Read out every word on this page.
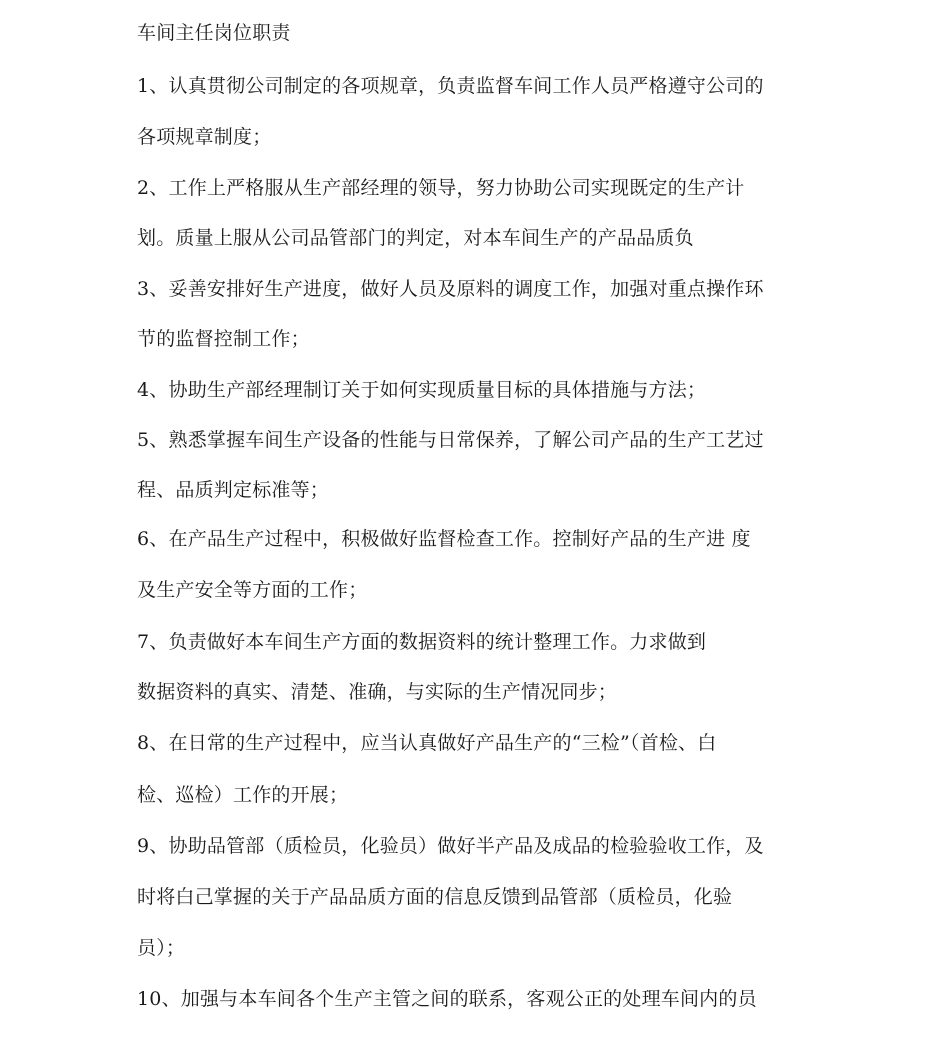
车间主任岗位职责
1、认真贯彻公司制定的各项规章，负责监督车间工作人员严格遵守公司的
各项规章制度；
2、工作上严格服从生产部经理的领导，努力协助公司实现既定的生产计
划。质量上服从公司品管部门的判定，对本车间生产的产品品质负
3、妥善安排好生产进度，做好人员及原料的调度工作，加强对重点操作环
节的监督控制工作；
4、协助生产部经理制订关于如何实现质量目标的具体措施与方法；
5、熟悉掌握车间生产设备的性能与日常保养，了解公司产品的生产工艺过
程、品质判定标准等；
6、在产品生产过程中，积极做好监督检查工作。控制好产品的生产进 度
及生产安全等方面的工作；
7、负责做好本车间生产方面的数据资料的统计整理工作。力求做到
数据资料的真实、清楚、准确，与实际的生产情况同步；
8、在日常的生产过程中，应当认真做好产品生产的“三检”（首检、白
检、巡检）工作的开展；
9、协助品管部（质检员，化验员）做好半产品及成品的检验验收工作，及
时将白己掌握的关于产品品质方面的信息反馈到品管部（质检员，化验
员）；
10、加强与本车间各个生产主管之间的联系，客观公正的处理车间内的员
